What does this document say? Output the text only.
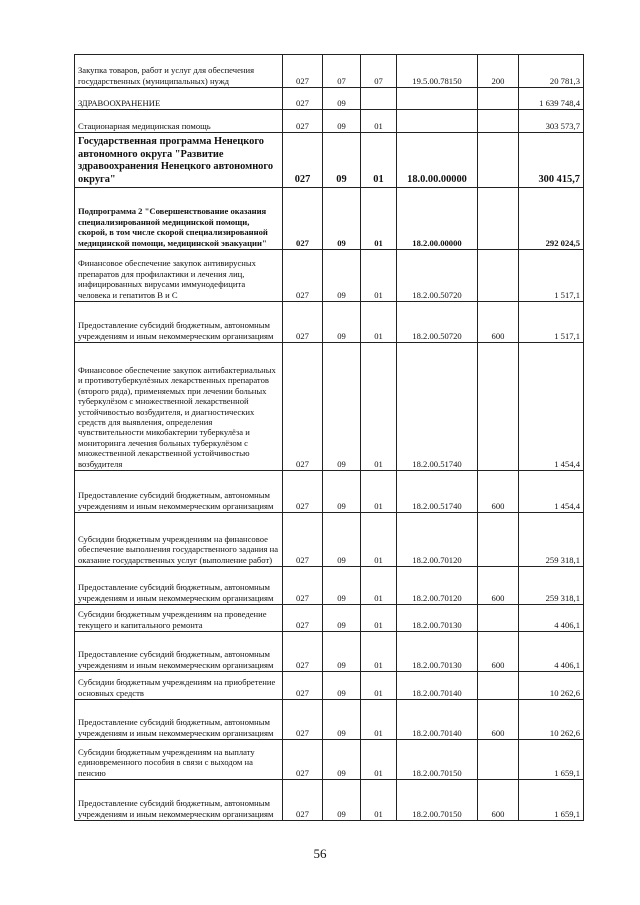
Закупка товаров, работ и услуг для обеспечения государственных (муниципальных) нужд	027	07	07	19.5.00.78150	200	20 781,3
ЗДРАВООХРАНЕНИЕ	027	09				1 639 748,4
Стационарная медицинская помощь	027	09	01			303 573,7
Государственная программа Ненецкого автономного округа "Развитие здравоохранения Ненецкого автономного округа"	027	09	01	18.0.00.00000		300 415,7
Подпрограмма 2 "Совершенствование оказания специализированной медицинской помощи, скорой, в том числе скорой специализированной медицинской помощи, медицинской эвакуации"	027	09	01	18.2.00.00000		292 024,5
Финансовое обеспечение закупок антивирусных препаратов для профилактики и лечения лиц, инфицированных вирусами иммунодефицита человека и гепатитов В и С	027	09	01	18.2.00.50720		1 517,1
Предоставление субсидий бюджетным, автономным учреждениям и иным некоммерческим организациям	027	09	01	18.2.00.50720	600	1 517,1
Финансовое обеспечение закупок антибактериальных и противотуберкулёзных лекарственных препаратов (второго ряда), применяемых при лечении больных туберкулёзом с множественной лекарственной устойчивостью возбудителя, и диагностических средств для выявления, определения чувствительности микобактерии туберкулёза и мониторинга лечения больных туберкулёзом с множественной лекарственной устойчивостью возбудителя	027	09	01	18.2.00.51740		1 454,4
Предоставление субсидий бюджетным, автономным учреждениям и иным некоммерческим организациям	027	09	01	18.2.00.51740	600	1 454,4
Субсидии бюджетным учреждениям на финансовое обеспечение выполнения государственного задания на оказание государственных услуг (выполнение работ)	027	09	01	18.2.00.70120		259 318,1
Предоставление субсидий бюджетным, автономным учреждениям и иным некоммерческим организациям	027	09	01	18.2.00.70120	600	259 318,1
Субсидии бюджетным учреждениям на проведение текущего и капитального ремонта	027	09	01	18.2.00.70130		4 406,1
Предоставление субсидий бюджетным, автономным учреждениям и иным некоммерческим организациям	027	09	01	18.2.00.70130	600	4 406,1
Субсидии бюджетным учреждениям на приобретение основных средств	027	09	01	18.2.00.70140		10 262,6
Предоставление субсидий бюджетным, автономным учреждениям и иным некоммерческим организациям	027	09	01	18.2.00.70140	600	10 262,6
Субсидии бюджетным учреждениям на выплату единовременного пособия в связи с выходом на пенсию	027	09	01	18.2.00.70150		1 659,1
Предоставление субсидий бюджетным, автономным учреждениям и иным некоммерческим организациям	027	09	01	18.2.00.70150	600	1 659,1
56
